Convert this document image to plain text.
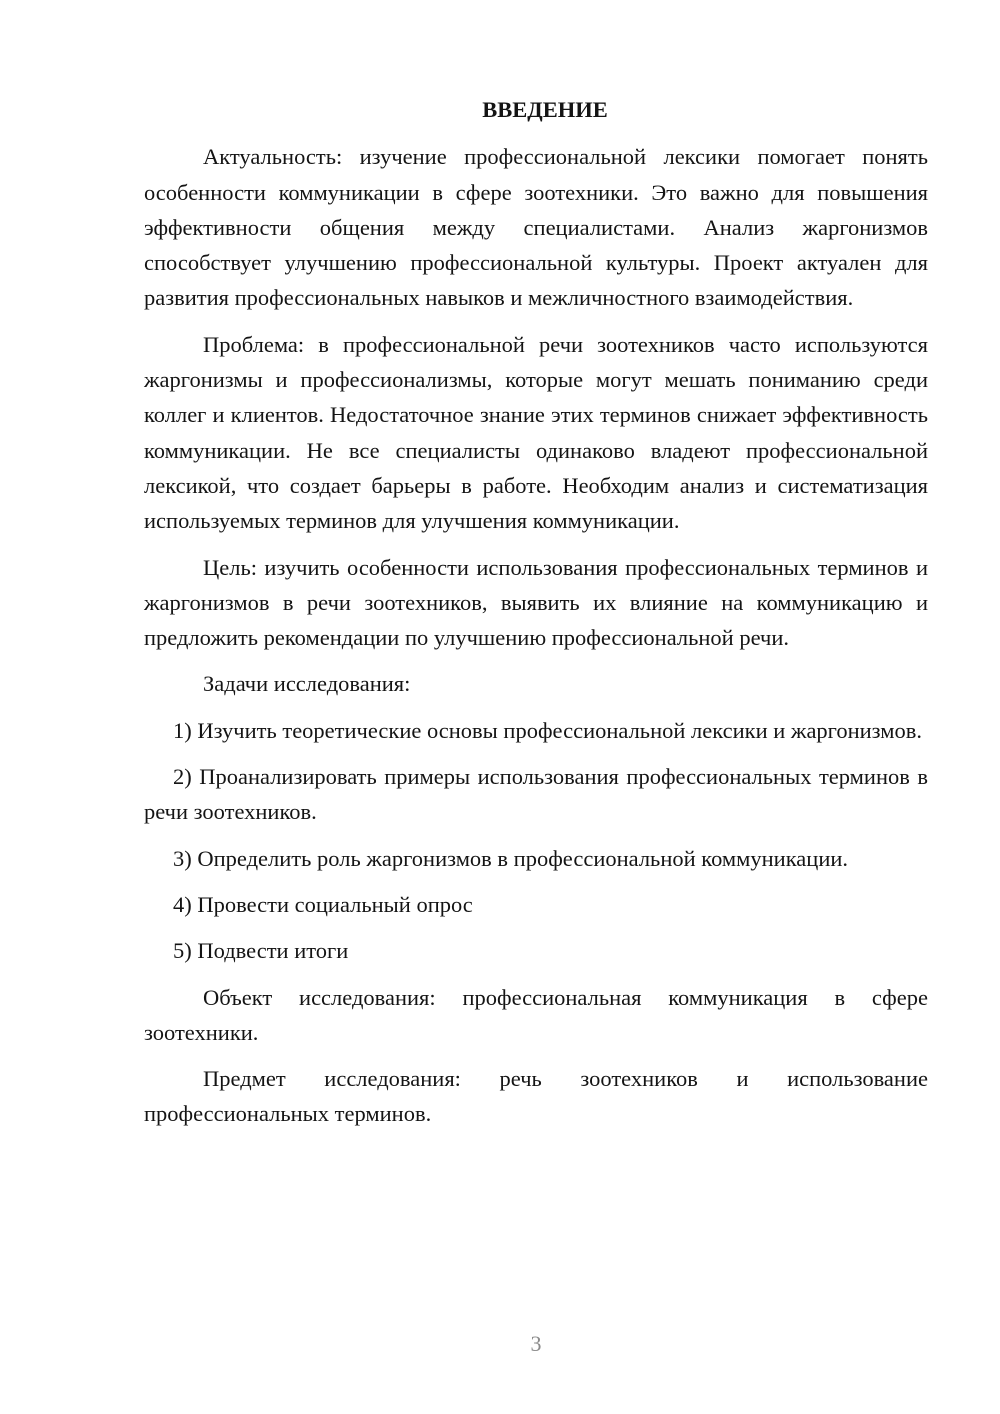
ВВЕДЕНИЕ

Актуальность: изучение профессиональной лексики помогает понять особенности коммуникации в сфере зоотехники. Это важно для повышения эффективности общения между специалистами. Анализ жаргонизмов способствует улучшению профессиональной культуры. Проект актуален для развития профессиональных навыков и межличностного взаимодействия.

Проблема: в профессиональной речи зоотехников часто используются жаргонизмы и профессионализмы, которые могут мешать пониманию среди коллег и клиентов. Недостаточное знание этих терминов снижает эффективность коммуникации. Не все специалисты одинаково владеют профессиональной лексикой, что создает барьеры в работе. Необходим анализ и систематизация используемых терминов для улучшения коммуникации.

Цель: изучить особенности использования профессиональных терминов и жаргонизмов в речи зоотехников, выявить их влияние на коммуникацию и предложить рекомендации по улучшению профессиональной речи.

Задачи исследования:

1) Изучить теоретические основы профессиональной лексики и жаргонизмов.

2) Проанализировать примеры использования профессиональных терминов в речи зоотехников.

3) Определить роль жаргонизмов в профессиональной коммуникации.

4) Провести социальный опрос

5) Подвести итоги

Объект исследования: профессиональная коммуникация в сфере зоотехники.

Предмет исследования: речь зоотехников и использование профессиональных терминов.

3
